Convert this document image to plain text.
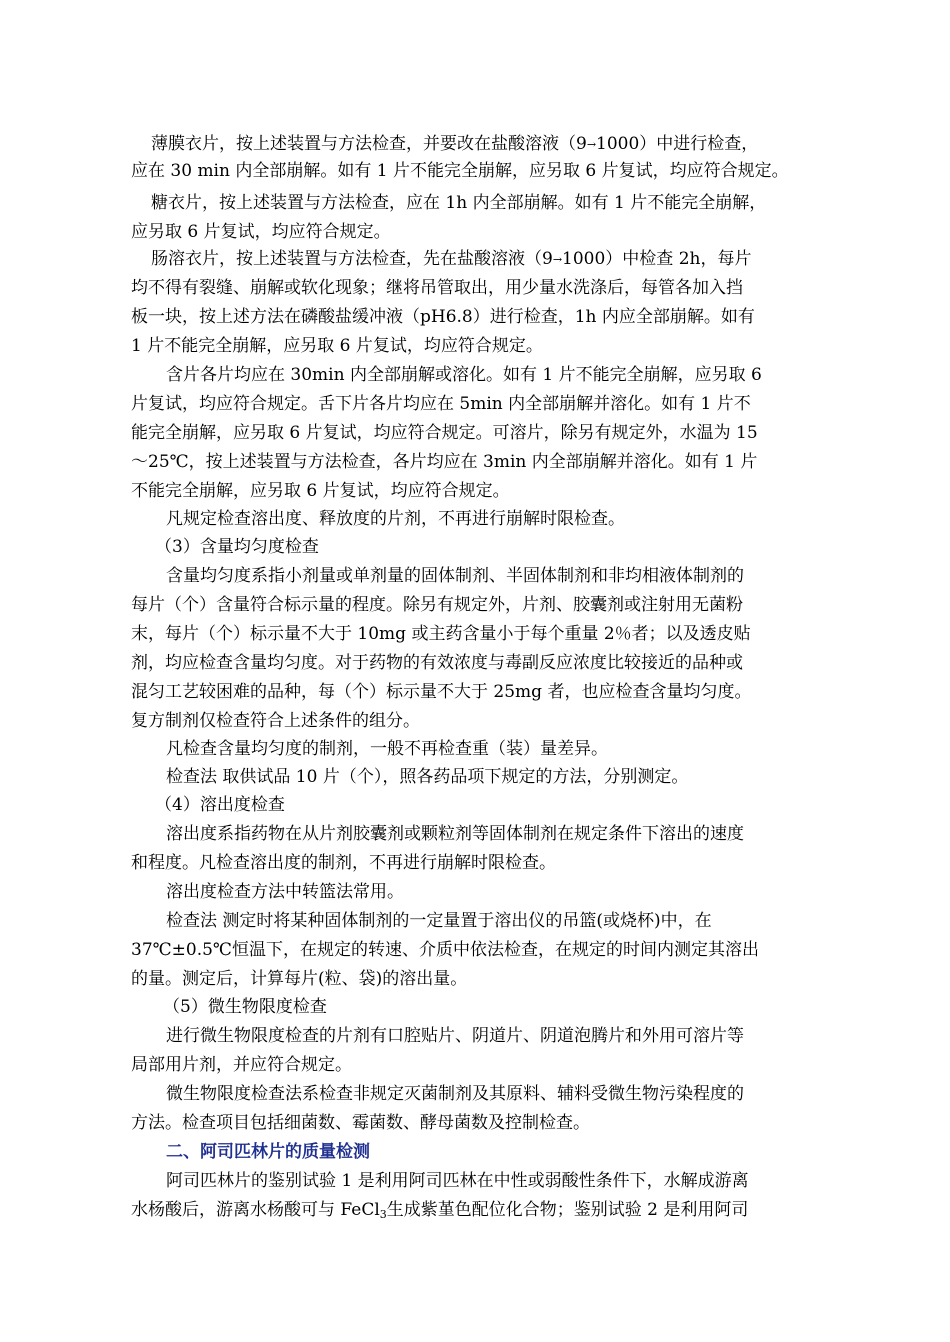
薄膜衣片，按上述装置与方法检查，并要改在盐酸溶液（9→1000）中进行检查，
应在 30 min 内全部崩解。如有 1 片不能完全崩解，应另取 6 片复试，均应符合规定。
糖衣片，按上述装置与方法检查，应在 1h 内全部崩解。如有 1 片不能完全崩解，
应另取 6 片复试，均应符合规定。
肠溶衣片，按上述装置与方法检查，先在盐酸溶液（9→1000）中检查 2h，每片
均不得有裂缝、崩解或软化现象；继将吊管取出，用少量水洗涤后，每管各加入挡
板一块，按上述方法在磷酸盐缓冲液（pH6.8）进行检查，1h 内应全部崩解。如有
1 片不能完全崩解，应另取 6 片复试，均应符合规定。
含片各片均应在 30min 内全部崩解或溶化。如有 1 片不能完全崩解，应另取 6
片复试，均应符合规定。舌下片各片均应在 5min 内全部崩解并溶化。如有 1 片不
能完全崩解，应另取 6 片复试，均应符合规定。可溶片，除另有规定外，水温为 15
～25℃，按上述装置与方法检查，各片均应在 3min 内全部崩解并溶化。如有 1 片
不能完全崩解，应另取 6 片复试，均应符合规定。
凡规定检查溶出度、释放度的片剂，不再进行崩解时限检查。
（3）含量均匀度检查
含量均匀度系指小剂量或单剂量的固体制剂、半固体制剂和非均相液体制剂的
每片（个）含量符合标示量的程度。除另有规定外，片剂、胶囊剂或注射用无菌粉
末，每片（个）标示量不大于 10mg 或主药含量小于每个重量 2％者；以及透皮贴
剂，均应检查含量均匀度。对于药物的有效浓度与毒副反应浓度比较接近的品种或
混匀工艺较困难的品种，每（个）标示量不大于 25mg 者，也应检查含量均匀度。
复方制剂仅检查符合上述条件的组分。
凡检查含量均匀度的制剂，一般不再检查重（装）量差异。
检查法 取供试品 10 片（个），照各药品项下规定的方法，分别测定。
（4）溶出度检查
溶出度系指药物在从片剂胶囊剂或颗粒剂等固体制剂在规定条件下溶出的速度
和程度。凡检查溶出度的制剂，不再进行崩解时限检查。
溶出度检查方法中转篮法常用。
检查法 测定时将某种固体制剂的一定量置于溶出仪的吊篮(或烧杯)中，在
37℃±0.5℃恒温下，在规定的转速、介质中依法检查，在规定的时间内测定其溶出
的量。测定后，计算每片(粒、袋)的溶出量。
（5）微生物限度检查
进行微生物限度检查的片剂有口腔贴片、阴道片、阴道泡腾片和外用可溶片等
局部用片剂，并应符合规定。
微生物限度检查法系检查非规定灭菌制剂及其原料、辅料受微生物污染程度的
方法。检查项目包括细菌数、霉菌数、酵母菌数及控制检查。
二、阿司匹林片的质量检测
阿司匹林片的鉴别试验 1 是利用阿司匹林在中性或弱酸性条件下，水解成游离
水杨酸后，游离水杨酸可与 FeCl$_3$生成紫堇色配位化合物；鉴别试验 2 是利用阿司
